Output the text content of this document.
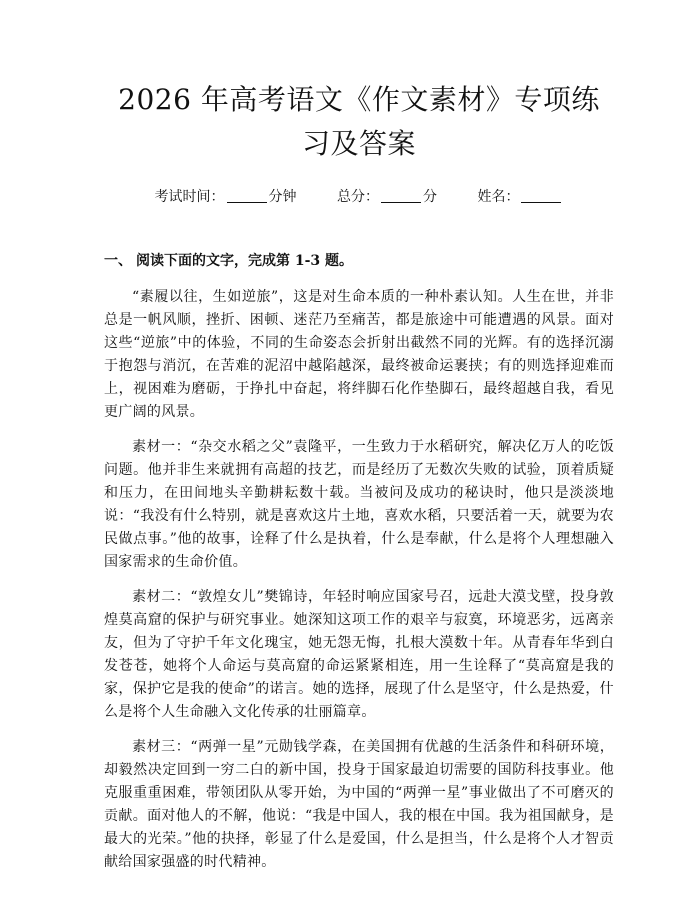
2026 年高考语文《作文素材》专项练习及答案
考试时间：	分钟	总分：	分	姓名：
一、 阅读下面的文字，完成第 1-3 题。

“素履以往，生如逆旅”，这是对生命本质的一种朴素认知。人生在世，并非总是一帆风顺，挫折、困顿、迷茫乃至痛苦，都是旅途中可能遭遇的风景。面对这些“逆旅”中的体验，不同的生命姿态会折射出截然不同的光辉。有的选择沉溺于抱怨与消沉，在苦难的泥沼中越陷越深，最终被命运裹挟；有的则选择迎难而上，视困难为磨砺，于挣扎中奋起，将绊脚石化作垫脚石，最终超越自我，看见更广阔的风景。

素材一：“杂交水稻之父”袁隆平，一生致力于水稻研究，解决亿万人的吃饭问题。他并非生来就拥有高超的技艺，而是经历了无数次失败的试验，顶着质疑和压力，在田间地头辛勤耕耘数十载。当被问及成功的秘诀时，他只是淡淡地说：“我没有什么特别，就是喜欢这片土地，喜欢水稻，只要活着一天，就要为农民做点事。”他的故事，诠释了什么是执着，什么是奉献，什么是将个人理想融入国家需求的生命价值。

素材二：“敦煌女儿”樊锦诗，年轻时响应国家号召，远赴大漠戈壁，投身敦煌莫高窟的保护与研究事业。她深知这项工作的艰辛与寂寞，环境恶劣，远离亲友，但为了守护千年文化瑰宝，她无怨无悔，扎根大漠数十年。从青春年华到白发苍苍，她将个人命运与莫高窟的命运紧紧相连，用一生诠释了“莫高窟是我的家，保护它是我的使命”的诺言。她的选择，展现了什么是坚守，什么是热爱，什么是将个人生命融入文化传承的壮丽篇章。

素材三：“两弹一星”元勋钱学森，在美国拥有优越的生活条件和科研环境，却毅然决定回到一穷二白的新中国，投身于国家最迫切需要的国防科技事业。他克服重重困难，带领团队从零开始，为中国的“两弹一星”事业做出了不可磨灭的贡献。面对他人的不解，他说：“我是中国人，我的根在中国。我为祖国献身，是最大的光荣。”他的抉择，彰显了什么是爱国，什么是担当，什么是将个人才智贡献给国家强盛的时代精神。
